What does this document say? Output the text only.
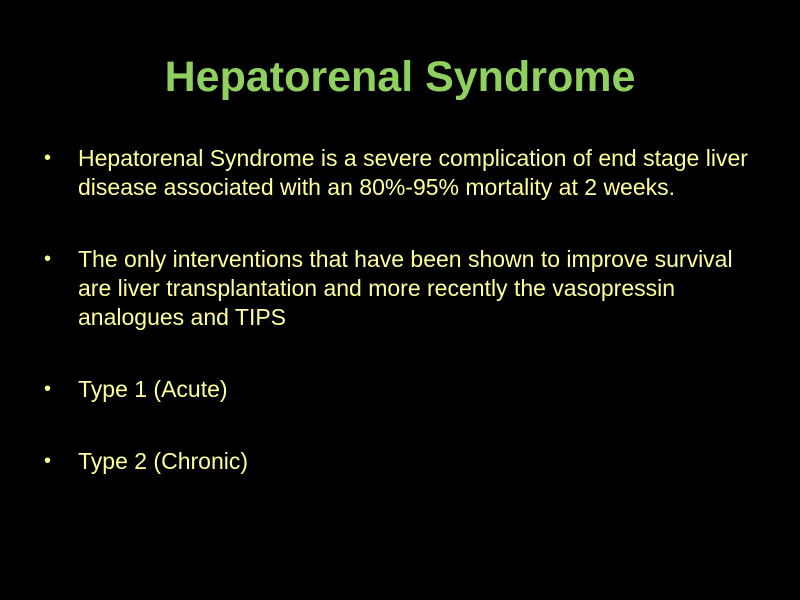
Hepatorenal Syndrome
•	Hepatorenal Syndrome is a severe complication of end stage liver disease associated with an 80%-95% mortality at 2 weeks.
•	The only interventions that have been shown to improve survival are liver transplantation and more recently the vasopressin analogues and TIPS
•	Type 1 (Acute)
•	Type 2 (Chronic)
